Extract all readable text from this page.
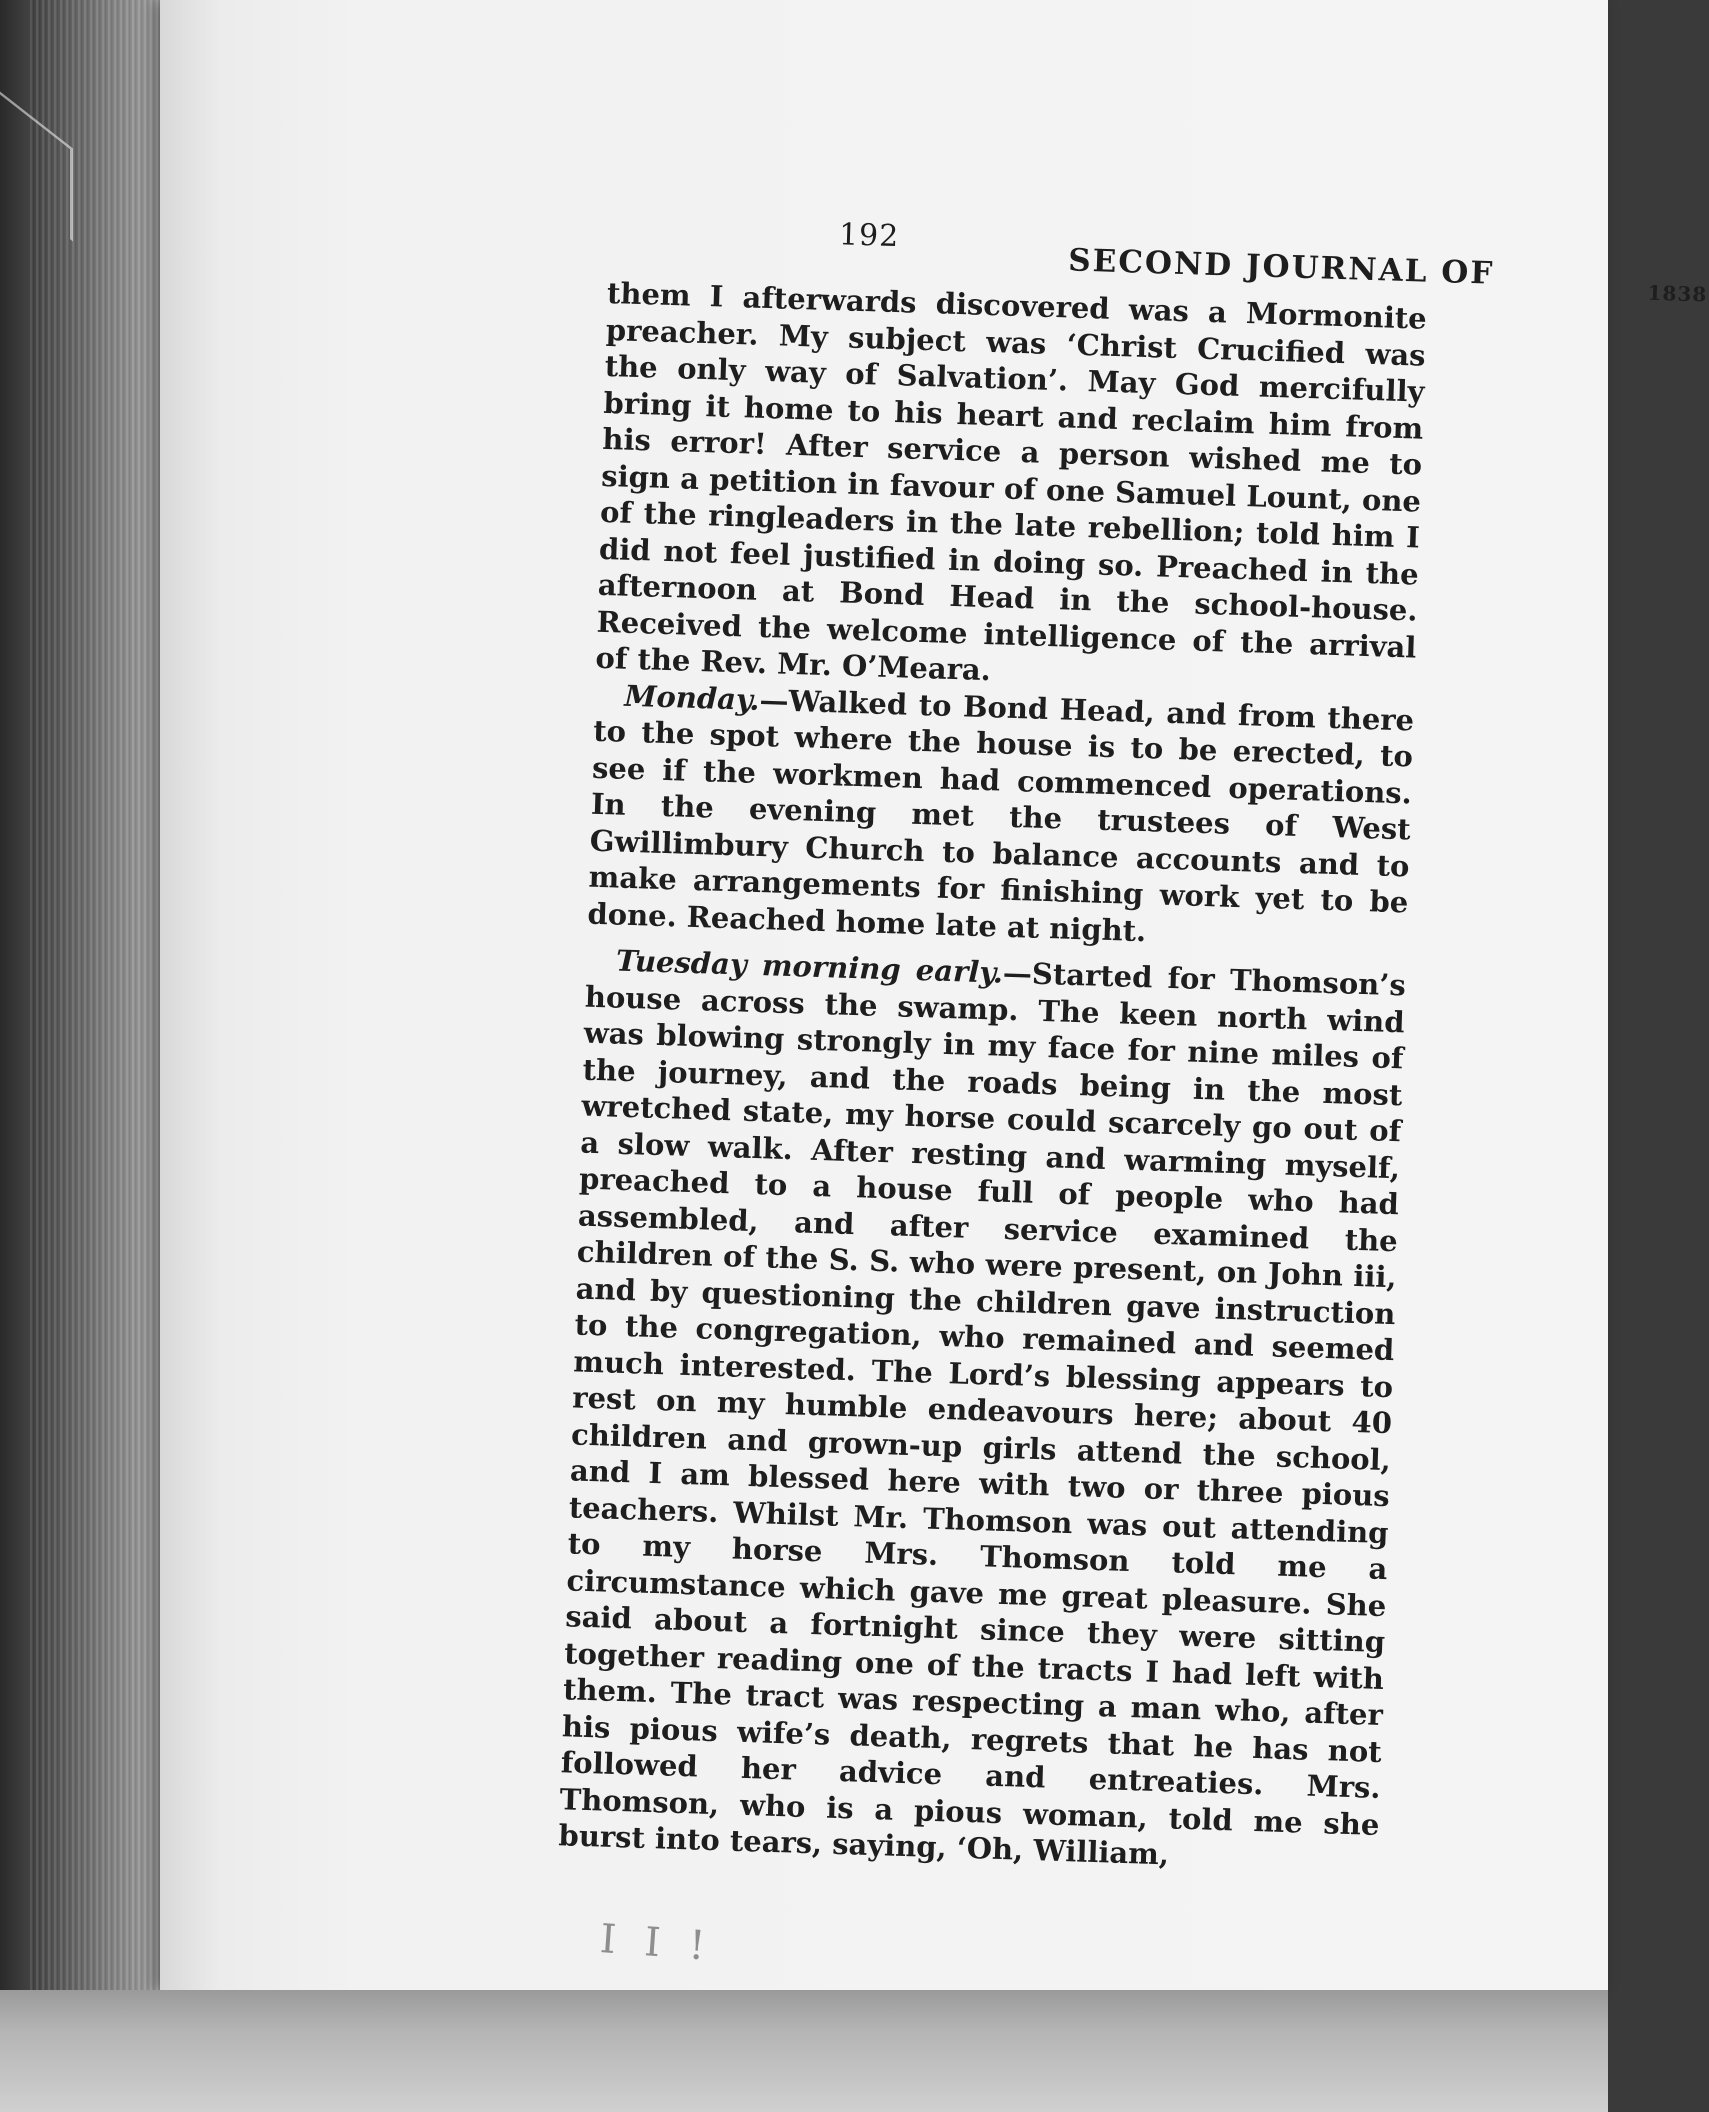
192
SECOND JOURNAL OF
1838

them I afterwards discovered was a Mormonite preacher. My subject was ‘Christ Crucified was the only way of Salvation’. May God mercifully bring it home to his heart and reclaim him from his error! After service a person wished me to sign a petition in favour of one Samuel Lount, one of the ringleaders in the late rebellion; told him I did not feel justified in doing so. Preached in the afternoon at Bond Head in the school-house. Received the welcome intelligence of the arrival of the Rev. Mr. O’Meara.

Monday.—Walked to Bond Head, and from there to the spot where the house is to be erected, to see if the workmen had commenced operations. In the evening met the trustees of West Gwillimbury Church to balance accounts and to make arrangements for finishing work yet to be done. Reached home late at night.

Tuesday morning early.—Started for Thomson’s house across the swamp. The keen north wind was blowing strongly in my face for nine miles of the journey, and the roads being in the most wretched state, my horse could scarcely go out of a slow walk. After resting and warming myself, preached to a house full of people who had assembled, and after service examined the children of the S. S. who were present, on John iii, and by questioning the children gave instruction to the congregation, who remained and seemed much interested. The Lord’s blessing appears to rest on my humble endeavours here; about 40 children and grown-up girls attend the school, and I am blessed here with two or three pious teachers. Whilst Mr. Thomson was out attending to my horse Mrs. Thomson told me a circumstance which gave me great pleasure. She said about a fortnight since they were sitting together reading one of the tracts I had left with them. The tract was respecting a man who, after his pious wife’s death, regrets that he has not followed her advice and entreaties. Mrs. Thomson, who is a pious woman, told me she burst into tears, saying, ‘Oh, William,

I I !
